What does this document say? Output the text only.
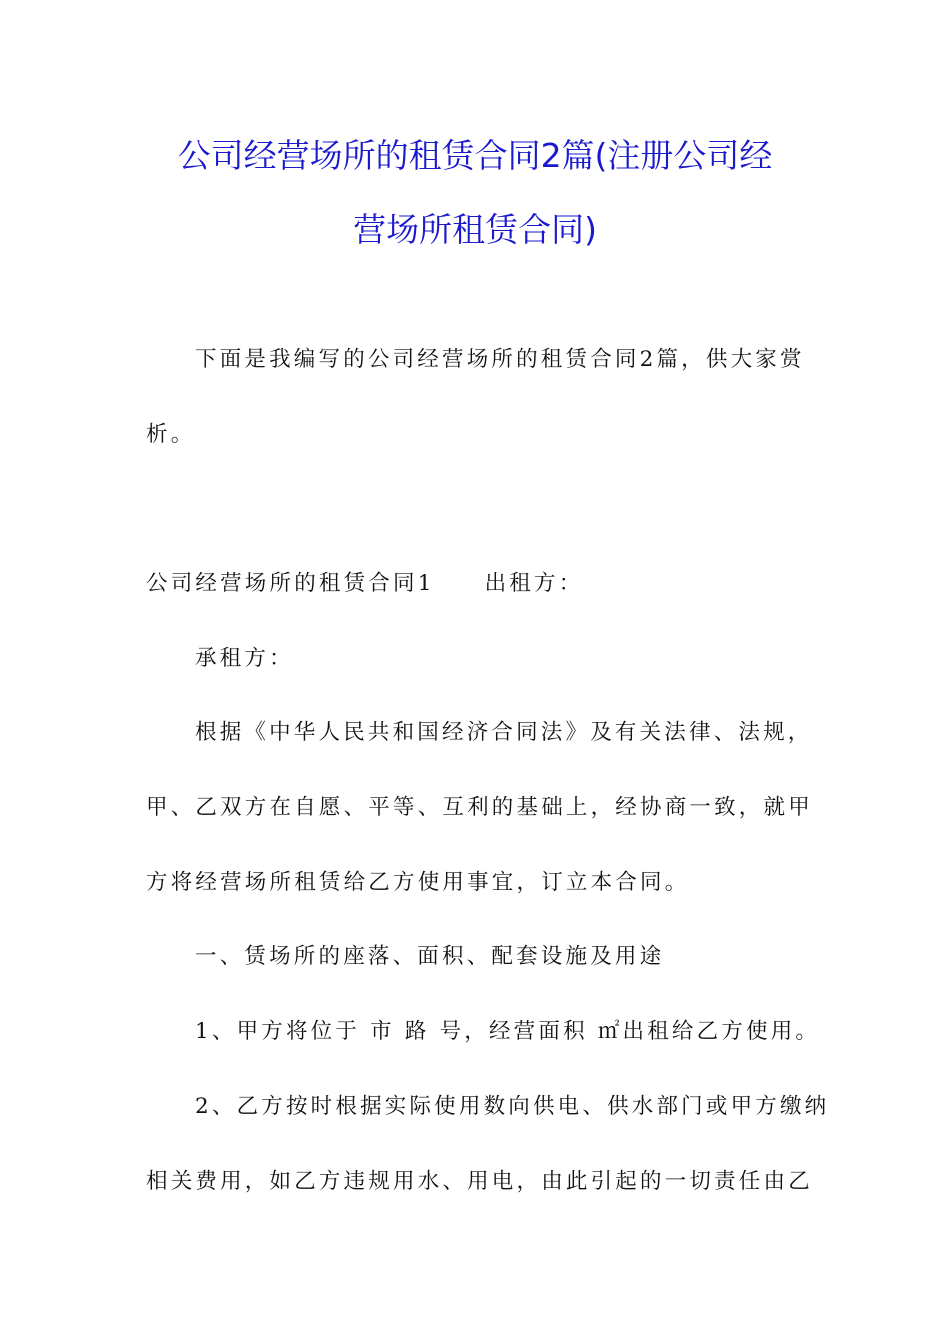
公司经营场所的租赁合同2篇(注册公司经
营场所租赁合同)
下面是我编写的公司经营场所的租赁合同2篇，供大家赏
析。
公司经营场所的租赁合同1 出租方：
承租方：
根据《中华人民共和国经济合同法》及有关法律、法规，
甲、乙双方在自愿、平等、互利的基础上，经协商一致，就甲
方将经营场所租赁给乙方使用事宜，订立本合同。
一、赁场所的座落、面积、配套设施及用途
1、甲方将位于 市 路 号，经营面积 ㎡出租给乙方使用。
2、乙方按时根据实际使用数向供电、供水部门或甲方缴纳
相关费用，如乙方违规用水、用电，由此引起的一切责任由乙
